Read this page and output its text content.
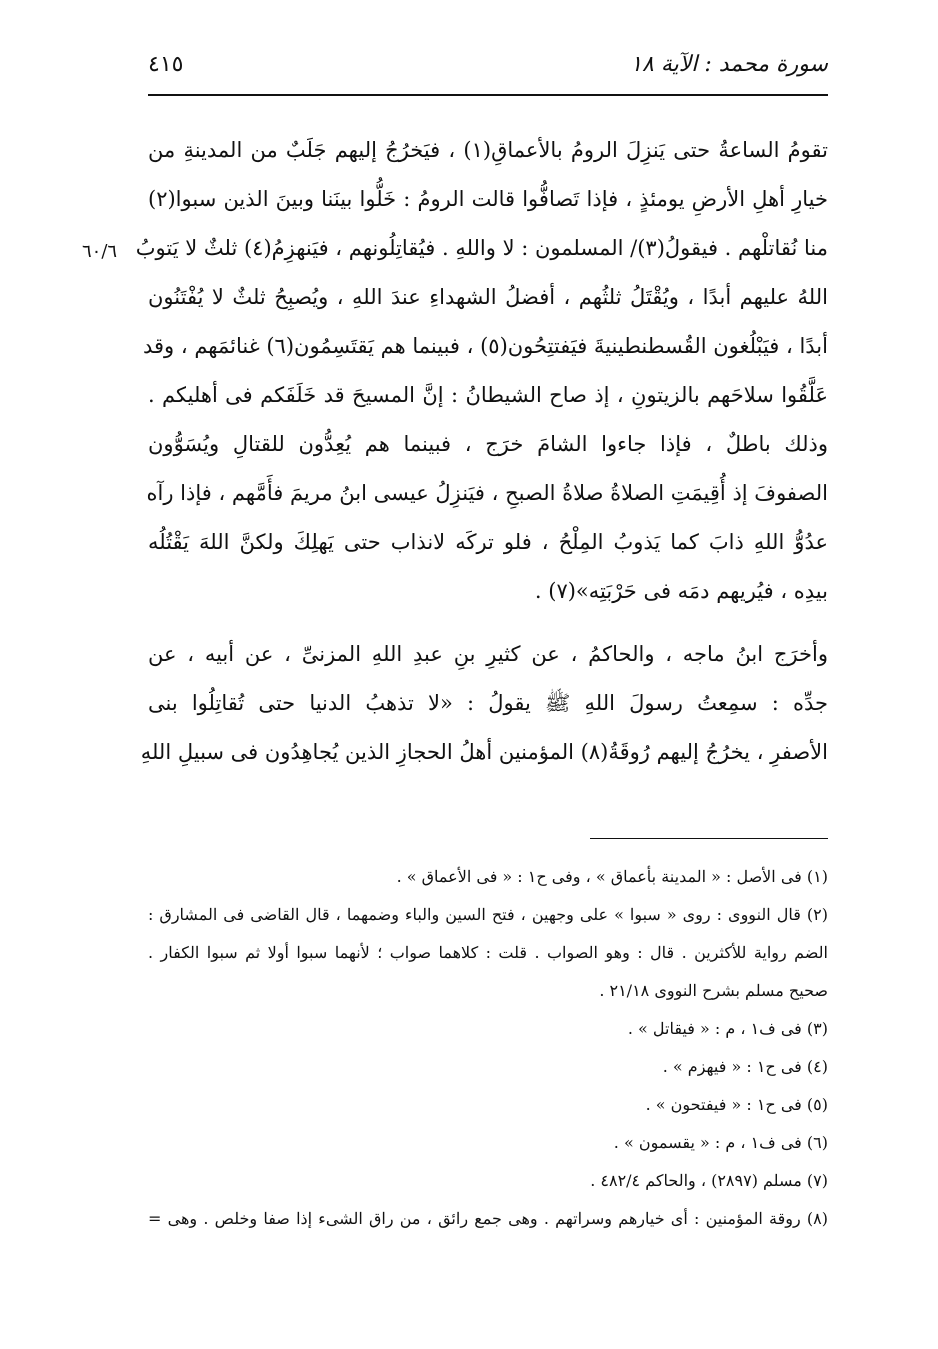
سورة محمد : الآية ١٨
٤١٥
٦٠/٦
تقومُ الساعةُ حتى يَنزِلَ الرومُ بالأعماقِ(١) ، فيَخرُجُ إليهم جَلَبٌ من المدينةِ من
خيارِ أهلِ الأرضِ يومئذٍ ، فإذا تَصافُّوا قالت الرومُ : خَلُّوا بينَنا وبينَ الذين سبوا(٢)
منا نُقاتلْهم . فيقولُ(٣)/ المسلمون : لا واللهِ . فيُقاتِلُونهم ، فيَنهزِمُ(٤) ثلثٌ لا يَتوبُ
اللهُ عليهم أبدًا ، ويُقْتَلُ ثلثُهم ، أفضلُ الشهداءِ عندَ اللهِ ، ويُصبِحُ ثلثٌ لا يُفْتَنُون
أبدًا ، فيَبْلُغون القُسطنطينيةَ فيَفتتِحُون(٥) ، فبينما هم يَقتَسِمُون(٦) غنائمَهم ، وقد
عَلَّقُوا سلاحَهم بالزيتونِ ، إذ صاح الشيطانُ : إنَّ المسيحَ قد خَلَفَكم فى أهليكم .
وذلك باطلٌ ، فإذا جاءوا الشامَ خرَج ، فبينما هم يُعِدُّون للقتالِ ويُسَوُّون
الصفوفَ إذ أُقِيمَتِ الصلاةُ صلاةُ الصبحِ ، فيَنزِلُ عيسى ابنُ مريمَ فأَمَّهم ، فإذا رآه
عدُوُّ اللهِ ذابَ كما يَذوبُ المِلْحُ ، فلو تركَه لانذاب حتى يَهلِكَ ولكنَّ اللهَ يَقْتُلُه
بيدِه ، فيُريهم دمَه فى حَرْبَتِه»(٧) .
وأخرَج ابنُ ماجه ، والحاكمُ ، عن كثيرِ بنِ عبدِ اللهِ المزنىِّ ، عن أبيه ، عن
جدِّه : سمِعتُ رسولَ اللهِ ﷺ يقولُ : «لا تذهبُ الدنيا حتى تُقاتِلُوا بنى
الأصفرِ ، يخرُجُ إليهم رُوقَةُ(٨) المؤمنين أهلُ الحجازِ الذين يُجاهِدُون فى سبيلِ اللهِ
(١) فى الأصل : « المدينة بأعماق » ، وفى ح١ : « فى الأعماق » .
(٢) قال النووى : روى « سبوا » على وجهين ، فتح السين والباء وضمهما ، قال القاضى فى المشارق :
الضم رواية للأكثرين . قال : وهو الصواب . قلت : كلاهما صواب ؛ لأنهما سبوا أولا ثم سبوا الكفار .
صحيح مسلم بشرح النووى ٢١/١٨ .
(٣) فى ف١ ، م : « فيقاتل » .
(٤) فى ح١ : « فيهزم » .
(٥) فى ح١ : « فيفتحون » .
(٦) فى ف١ ، م : « يقسمون » .
(٧) مسلم (٢٨٩٧) ، والحاكم ٤٨٢/٤ .
(٨) روقة المؤمنين : أى خيارهم وسراتهم . وهى جمع رائق ، من راق الشىء إذا صفا وخلص . وهى =
